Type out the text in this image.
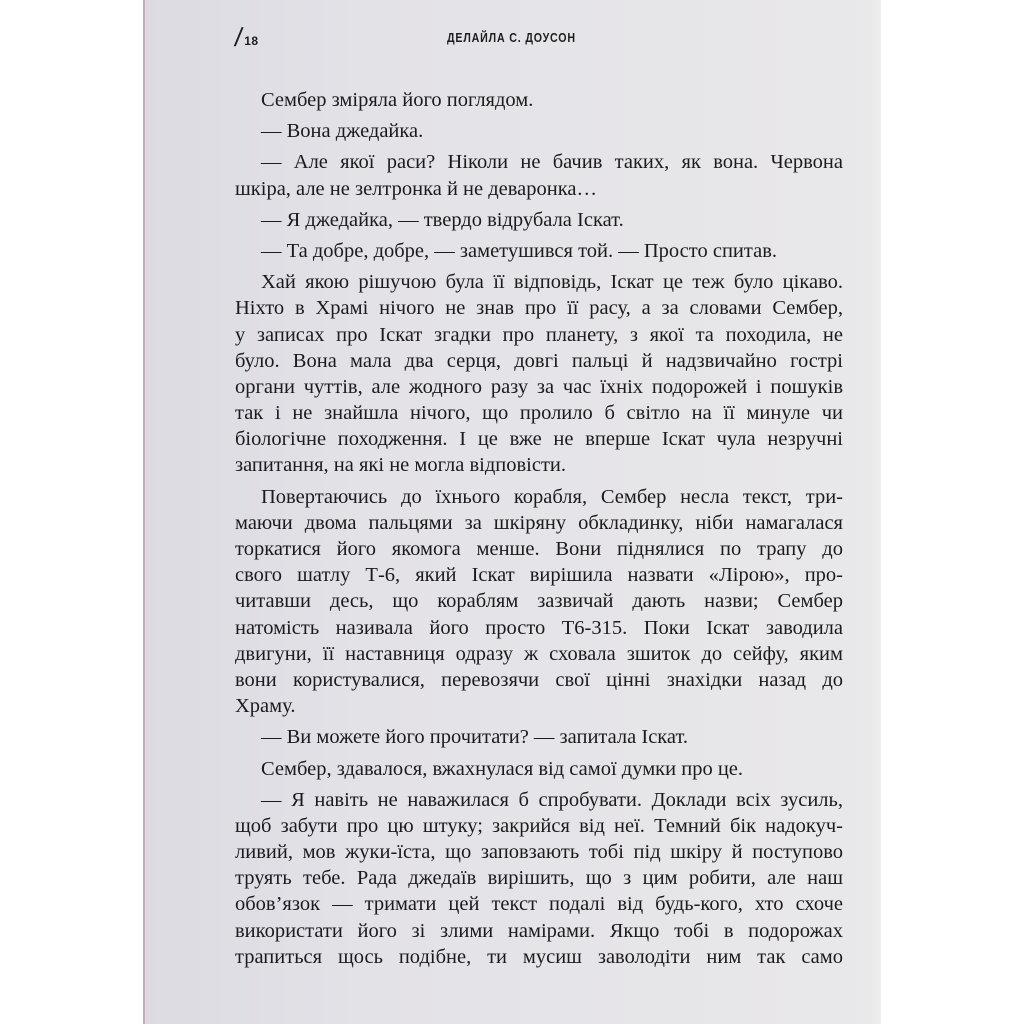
/ 18	ДЕЛАЙЛА С. ДОУСОН
Сембер зміряла його поглядом.
— Вона джедайка.
— Але якої раси? Ніколи не бачив таких, як вона. Червона
шкіра, але не зелтронка й не деваронка…
— Я джедайка, — твердо відрубала Іскат.
— Та добре, добре, — заметушився той. — Просто спитав.
Хай якою рішучою була її відповідь, Іскат це теж було цікаво.
Ніхто в Храмі нічого не знав про її расу, а за словами Сембер,
у записах про Іскат згадки про планету, з якої та походила, не
було. Вона мала два серця, довгі пальці й надзвичайно гострі
органи чуттів, але жодного разу за час їхніх подорожей і пошуків
так і не знайшла нічого, що пролило б світло на її минуле чи
біологічне походження. І це вже не вперше Іскат чула незручні
запитання, на які не могла відповісти.
Повертаючись до їхнього корабля, Сембер несла текст, три-
маючи двома пальцями за шкіряну обкладинку, ніби намагалася
торкатися його якомога менше. Вони піднялися по трапу до
свого шатлу Т-6, який Іскат вирішила назвати «Лірою», про-
читавши десь, що кораблям зазвичай дають назви; Сембер
натомість називала його просто Т6-315. Поки Іскат заводила
двигуни, її наставниця одразу ж сховала зшиток до сейфу, яким
вони користувалися, перевозячи свої цінні знахідки назад до
Храму.
— Ви можете його прочитати? — запитала Іскат.
Сембер, здавалося, вжахнулася від самої думки про це.
— Я навіть не наважилася б спробувати. Доклади всіх зусиль,
щоб забути про цю штуку; закрийся від неї. Темний бік надокуч-
ливий, мов жуки-їста, що заповзають тобі під шкіру й поступово
труять тебе. Рада джедаїв вирішить, що з цим робити, але наш
обов’язок — тримати цей текст подалі від будь-кого, хто схоче
використати його зі злими намірами. Якщо тобі в подорожах
трапиться щось подібне, ти мусиш заволодіти ним так само
